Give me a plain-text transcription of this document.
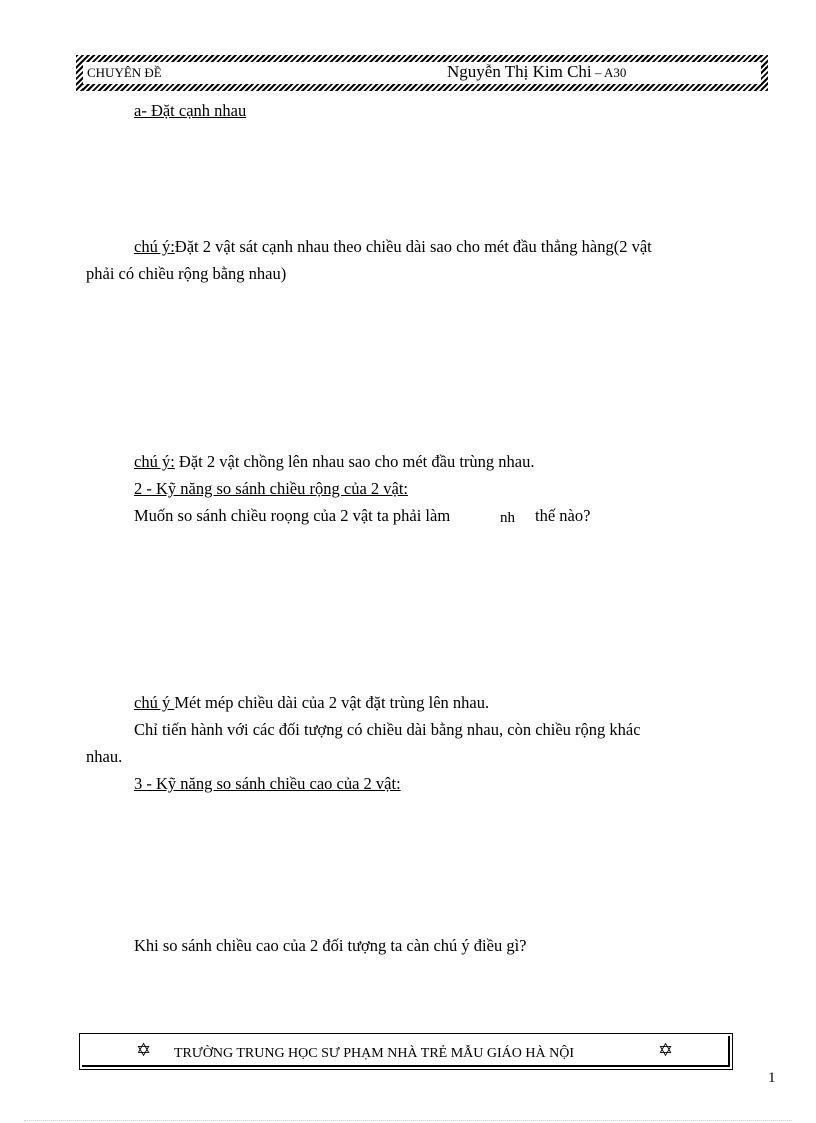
CHUYÊN ĐỀ	Nguyễn Thị Kim Chi – A30
a- Đặt cạnh nhau
chú ý:Đặt 2 vật sát cạnh nhau theo chiều dài sao cho mét đầu thẳng hàng(2 vật
phải có chiều rộng bằng nhau)
chú ý: Đặt 2 vật chồng lên nhau sao cho mét đầu trùng nhau.
2 - Kỹ năng so sánh chiều rộng của 2 vật:
Muốn so sánh chiều roọng của 2 vật ta phải làm	nh thế nào?
chú ý Mét mép chiều dài của 2 vật đặt trùng lên nhau.
Chỉ tiến hành với các đối tượng có chiều dài bằng nhau, còn chiều rộng khác
nhau.
3 - Kỹ năng so sánh chiều cao của 2 vật:
Khi so sánh chiều cao của 2 đối tượng ta càn chú ý điều gì?
✡ TRƯỜNG TRUNG HỌC SƯ PHẠM NHÀ TRẺ MẪU GIÁO HÀ NỘI	✡
1
